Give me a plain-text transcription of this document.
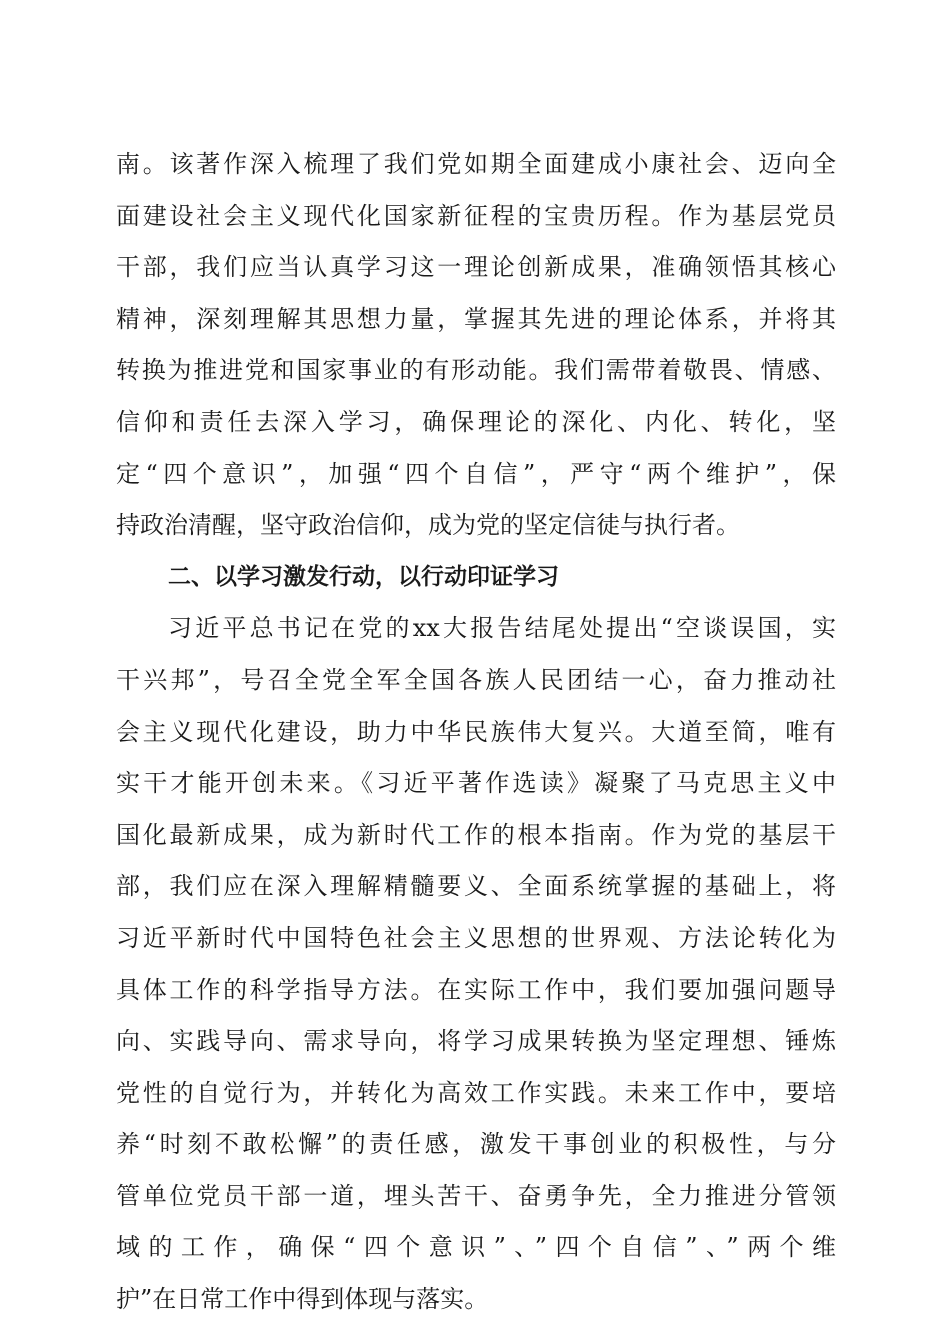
南。该著作深入梳理了我们党如期全面建成小康社会、迈向全
面建设社会主义现代化国家新征程的宝贵历程。作为基层党员
干部，我们应当认真学习这一理论创新成果，准确领悟其核心
精神，深刻理解其思想力量，掌握其先进的理论体系，并将其
转换为推进党和国家事业的有形动能。我们需带着敬畏、情感、
信仰和责任去深入学习，确保理论的深化、内化、转化，坚
定“四个意识”，加强“四个自信”，严守“两个维护”，保
持政治清醒，坚守政治信仰，成为党的坚定信徒与执行者。
二、以学习激发行动，以行动印证学习
习近平总书记在党的xx大报告结尾处提出“空谈误国，实
干兴邦”，号召全党全军全国各族人民团结一心，奋力推动社
会主义现代化建设，助力中华民族伟大复兴。大道至简，唯有
实干才能开创未来。《习近平著作选读》凝聚了马克思主义中
国化最新成果，成为新时代工作的根本指南。作为党的基层干
部，我们应在深入理解精髓要义、全面系统掌握的基础上，将
习近平新时代中国特色社会主义思想的世界观、方法论转化为
具体工作的科学指导方法。在实际工作中，我们要加强问题导
向、实践导向、需求导向，将学习成果转换为坚定理想、锤炼
党性的自觉行为，并转化为高效工作实践。未来工作中，要培
养“时刻不敢松懈”的责任感，激发干事创业的积极性，与分
管单位党员干部一道，埋头苦干、奋勇争先，全力推进分管领
域的工作，确保“四个意识”、”四个自信”、”两个维
护”在日常工作中得到体现与落实。
